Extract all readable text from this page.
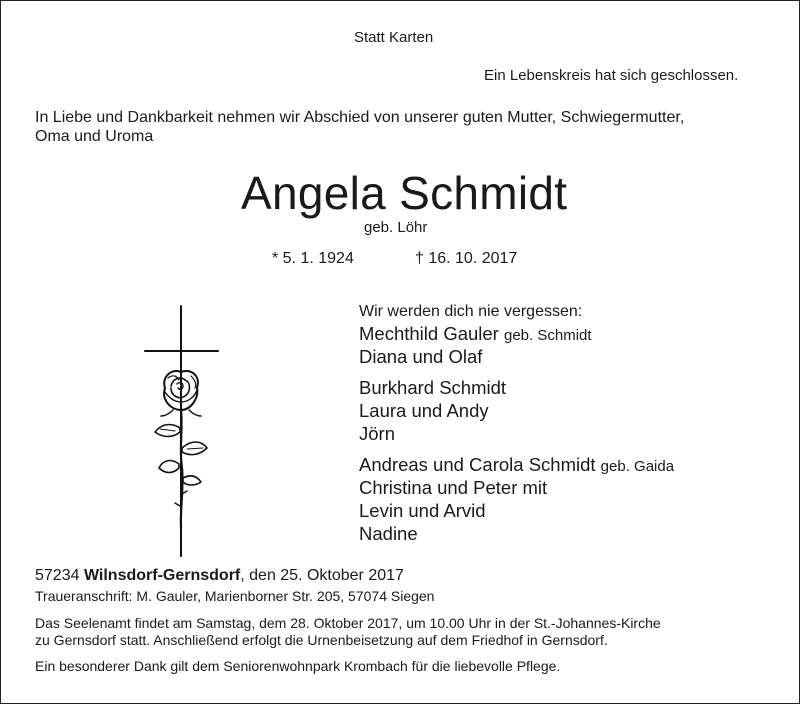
Statt Karten
Ein Lebenskreis hat sich geschlossen.
In Liebe und Dankbarkeit nehmen wir Abschied von unserer guten Mutter, Schwiegermutter,
Oma und Uroma
Angela Schmidt
geb. Löhr
* 5. 1. 1924	† 16. 10. 2017
Wir werden dich nie vergessen:
Mechthild Gauler geb. Schmidt
Diana und Olaf
Burkhard Schmidt
Laura und Andy
Jörn
Andreas und Carola Schmidt geb. Gaida
Christina und Peter mit
Levin und Arvid
Nadine
57234 Wilnsdorf-Gernsdorf, den 25. Oktober 2017
Traueranschrift: M. Gauler, Marienborner Str. 205, 57074 Siegen
Das Seelenamt findet am Samstag, dem 28. Oktober 2017, um 10.00 Uhr in der St.-Johannes-Kirche
zu Gernsdorf statt. Anschließend erfolgt die Urnenbeisetzung auf dem Friedhof in Gernsdorf.
Ein besonderer Dank gilt dem Seniorenwohnpark Krombach für die liebevolle Pflege.
